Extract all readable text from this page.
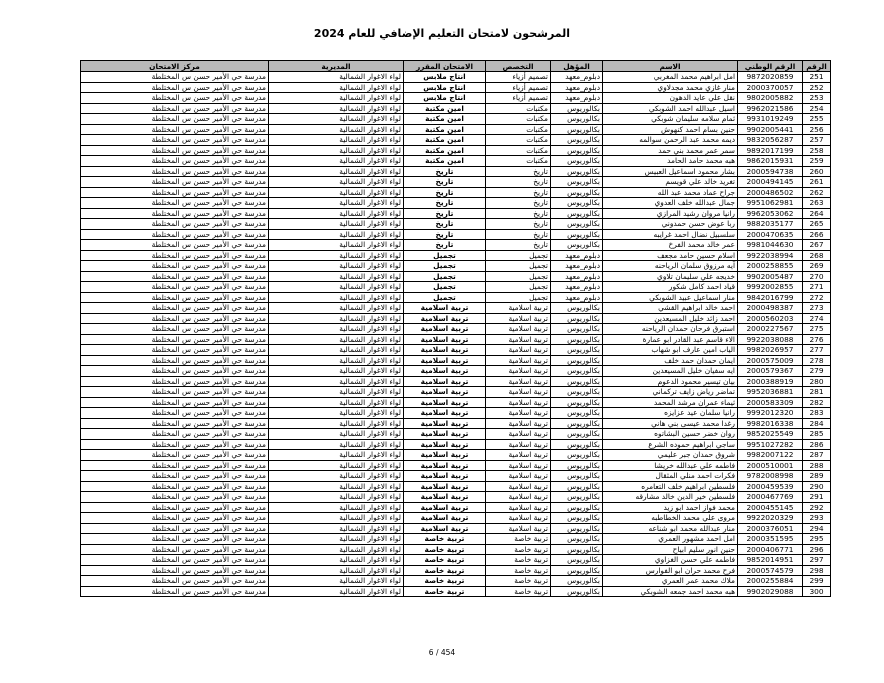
المرشحون لامتحان التعليم الإضافي للعام 2024
الرقم	الرقم الوطني	الاسم	المؤهل	التخصص	الامتحان المقرر	المديرية	مركز الامتحان
251	9872020859	امل ابراهيم محمد المغربي	دبلوم_معهد	تصميم أزياء	انتاج ملابس	لواء الاغوار الشمالية	مدرسة حي الأمير حسن س المختلطة
252	2000370057	منار غازي محمد مجدلاوي	دبلوم_معهد	تصميم أزياء	انتاج ملابس	لواء الاغوار الشمالية	مدرسة حي الأمير حسن س المختلطة
253	9802005882	نقل علي عايد الدهون	دبلوم_معهد	تصميم أزياء	انتاج ملابس	لواء الاغوار الشمالية	مدرسة حي الأمير حسن س المختلطة
254	9962021586	اسيل عبدالله احمد الشوبكي	بكالوريوس	مكتبات	امين مكتبة	لواء الاغوار الشمالية	مدرسة حي الأمير حسن س المختلطة
255	9931019249	ثمام سلامه سليمان شوبكي	بكالوريوس	مكتبات	امين مكتبة	لواء الاغوار الشمالية	مدرسة حي الأمير حسن س المختلطة
256	9902005441	حنين بسام احمد كنهوش	بكالوريوس	مكتبات	امين مكتبة	لواء الاغوار الشمالية	مدرسة حي الأمير حسن س المختلطة
257	9832056287	ديمه محمد عبد الرحمن سوالمه	بكالوريوس	مكتبات	امين مكتبة	لواء الاغوار الشمالية	مدرسة حي الأمير حسن س المختلطة
258	9892017199	سمر عمر محمد بني حمد	بكالوريوس	مكتبات	امين مكتبة	لواء الاغوار الشمالية	مدرسة حي الأمير حسن س المختلطة
259	9862015931	هبه محمد حامد الحامد	بكالوريوس	مكتبات	امين مكتبة	لواء الاغوار الشمالية	مدرسة حي الأمير حسن س المختلطة
260	2000594738	بشار محمود اسماعيل العبيس	بكالوريوس	تاريخ	تاريخ	لواء الاغوار الشمالية	مدرسة حي الأمير حسن س المختلطة
261	2000494145	تغريد خالد علي قويسم	بكالوريوس	تاريخ	تاريخ	لواء الاغوار الشمالية	مدرسة حي الأمير حسن س المختلطة
262	2000486502	جراح عماد محمد عبد الله	بكالوريوس	تاريخ	تاريخ	لواء الاغوار الشمالية	مدرسة حي الأمير حسن س المختلطة
263	9951062981	جمال عبدالله خلف العدوي	بكالوريوس	تاريخ	تاريخ	لواء الاغوار الشمالية	مدرسة حي الأمير حسن س المختلطة
264	9962053062	رانيا مروان رشيد المرازي	بكالوريوس	تاريخ	تاريخ	لواء الاغوار الشمالية	مدرسة حي الأمير حسن س المختلطة
265	9882035177	ربا عوض حسن حمدوني	بكالوريوس	تاريخ	تاريخ	لواء الاغوار الشمالية	مدرسة حي الأمير حسن س المختلطة
266	2000470635	سلسبيل نضال احمد غرايبه	بكالوريوس	تاريخ	تاريخ	لواء الاغوار الشمالية	مدرسة حي الأمير حسن س المختلطة
267	9981044630	عمر خالد محمد الفرخ	بكالوريوس	تاريخ	تاريخ	لواء الاغوار الشمالية	مدرسة حي الأمير حسن س المختلطة
268	9922038994	اسلام حسين حامد مجعف	دبلوم_معهد	تجميل	تجميل	لواء الاغوار الشمالية	مدرسة حي الأمير حسن س المختلطة
269	2000258855	آيه مرزوق سلمان الرياحنه	دبلوم_معهد	تجميل	تجميل	لواء الاغوار الشمالية	مدرسة حي الأمير حسن س المختلطة
270	9902005487	خديجه علي سليمان تلاوي	دبلوم_معهد	تجميل	تجميل	لواء الاغوار الشمالية	مدرسة حي الأمير حسن س المختلطة
271	9992002855	قياد احمد كامل شكور	دبلوم_معهد	تجميل	تجميل	لواء الاغوار الشمالية	مدرسة حي الأمير حسن س المختلطة
272	9842016799	منار اسماعيل عبيد الشوبكي	دبلوم_معهد	تجميل	تجميل	لواء الاغوار الشمالية	مدرسة حي الأمير حسن س المختلطة
273	2000498387	احمد خالد ابراهيم القشي	بكالوريوس	تربية اسلامية	تربية اسلامية	لواء الاغوار الشمالية	مدرسة حي الأمير حسن س المختلطة
274	2000560203	احمد زائد خليل المسيعدين	بكالوريوس	تربية اسلامية	تربية اسلامية	لواء الاغوار الشمالية	مدرسة حي الأمير حسن س المختلطة
275	2000227567	استبرق فرحان حمدان الرياحنه	بكالوريوس	تربية اسلامية	تربية اسلامية	لواء الاغوار الشمالية	مدرسة حي الأمير حسن س المختلطة
276	9922038088	الاء قاسم عبد القادر ابو عمارة	بكالوريوس	تربية اسلامية	تربية اسلامية	لواء الاغوار الشمالية	مدرسة حي الأمير حسن س المختلطة
277	9982026957	الياب امين عارف ابو شهاب	بكالوريوس	تربية اسلامية	تربية اسلامية	لواء الاغوار الشمالية	مدرسة حي الأمير حسن س المختلطة
278	2000575009	ايمان حمدان حمد خلف	بكالوريوس	تربية اسلامية	تربية اسلامية	لواء الاغوار الشمالية	مدرسة حي الأمير حسن س المختلطة
279	2000579367	ايه سفيان خليل المسيعدين	بكالوريوس	تربية اسلامية	تربية اسلامية	لواء الاغوار الشمالية	مدرسة حي الأمير حسن س المختلطة
280	2000388919	بيان تيسير محمود الدعوم	بكالوريوس	تربية اسلامية	تربية اسلامية	لواء الاغوار الشمالية	مدرسة حي الأمير حسن س المختلطة
281	9952036881	تماضر رياض زايف تركماني	بكالوريوس	تربية اسلامية	تربية اسلامية	لواء الاغوار الشمالية	مدرسة حي الأمير حسن س المختلطة
282	2000583309	ثيماء عمران مرشد المحمد	بكالوريوس	تربية اسلامية	تربية اسلامية	لواء الاغوار الشمالية	مدرسة حي الأمير حسن س المختلطة
283	9992012320	رانيا سلمان عيد عزايزه	بكالوريوس	تربية اسلامية	تربية اسلامية	لواء الاغوار الشمالية	مدرسة حي الأمير حسن س المختلطة
284	9982016338	رغدا محمد عيسى بني هاني	بكالوريوس	تربية اسلامية	تربية اسلامية	لواء الاغوار الشمالية	مدرسة حي الأمير حسن س المختلطة
285	9852025549	روان خضر حسين البشاتوه	بكالوريوس	تربية اسلامية	تربية اسلامية	لواء الاغوار الشمالية	مدرسة حي الأمير حسن س المختلطة
286	9951027282	ساجي ابراهيم حموده الشرع	بكالوريوس	تربية اسلامية	تربية اسلامية	لواء الاغوار الشمالية	مدرسة حي الأمير حسن س المختلطة
287	9982007122	شروق حمدان جبر عليمي	بكالوريوس	تربية اسلامية	تربية اسلامية	لواء الاغوار الشمالية	مدرسة حي الأمير حسن س المختلطة
288	2000510001	فاطمه علي عبدالله خريشا	بكالوريوس	تربية اسلامية	تربية اسلامية	لواء الاغوار الشمالية	مدرسة حي الأمير حسن س المختلطة
289	9782008998	فكرات احمد منلي المثقال	بكالوريوس	تربية اسلامية	تربية اسلامية	لواء الاغوار الشمالية	مدرسة حي الأمير حسن س المختلطة
290	2000459539	فلسطين ابراهيم خلف التعامره	بكالوريوس	تربية اسلامية	تربية اسلامية	لواء الاغوار الشمالية	مدرسة حي الأمير حسن س المختلطة
291	2000467769	فلسطين خير الدين خالد مشارقه	بكالوريوس	تربية اسلامية	تربية اسلامية	لواء الاغوار الشمالية	مدرسة حي الأمير حسن س المختلطة
292	2000455145	محمد فواز احمد ابو زيد	بكالوريوس	تربية اسلامية	تربية اسلامية	لواء الاغوار الشمالية	مدرسة حي الأمير حسن س المختلطة
293	9922020329	مروى علي محمد الخطاطبه	بكالوريوس	تربية اسلامية	تربية اسلامية	لواء الاغوار الشمالية	مدرسة حي الأمير حسن س المختلطة
294	2000376051	منار عبدالله محمد ابو شناعه	بكالوريوس	تربية اسلامية	تربية اسلامية	لواء الاغوار الشمالية	مدرسة حي الأمير حسن س المختلطة
295	2000351595	امل احمد مشهور العمري	بكالوريوس	تربية خاصة	تربية خاصة	لواء الاغوار الشمالية	مدرسة حي الأمير حسن س المختلطة
296	2000406771	حنين انور سليم ابياح	بكالوريوس	تربية خاصة	تربية خاصة	لواء الاغوار الشمالية	مدرسة حي الأمير حسن س المختلطة
297	9852014951	فاطمه علي حسن الغزاوي	بكالوريوس	تربية خاصة	تربية خاصة	لواء الاغوار الشمالية	مدرسة حي الأمير حسن س المختلطة
298	2000574579	فرح محمد حران ابو الفوارس	بكالوريوس	تربية خاصة	تربية خاصة	لواء الاغوار الشمالية	مدرسة حي الأمير حسن س المختلطة
299	2000255884	ملاك محمد عمر العمري	بكالوريوس	تربية خاصة	تربية خاصة	لواء الاغوار الشمالية	مدرسة حي الأمير حسن س المختلطة
300	9902029088	هبه محمد احمد جمعه الشوبكي	بكالوريوس	تربية خاصة	تربية خاصة	لواء الاغوار الشمالية	مدرسة حي الأمير حسن س المختلطة
6 / 454
